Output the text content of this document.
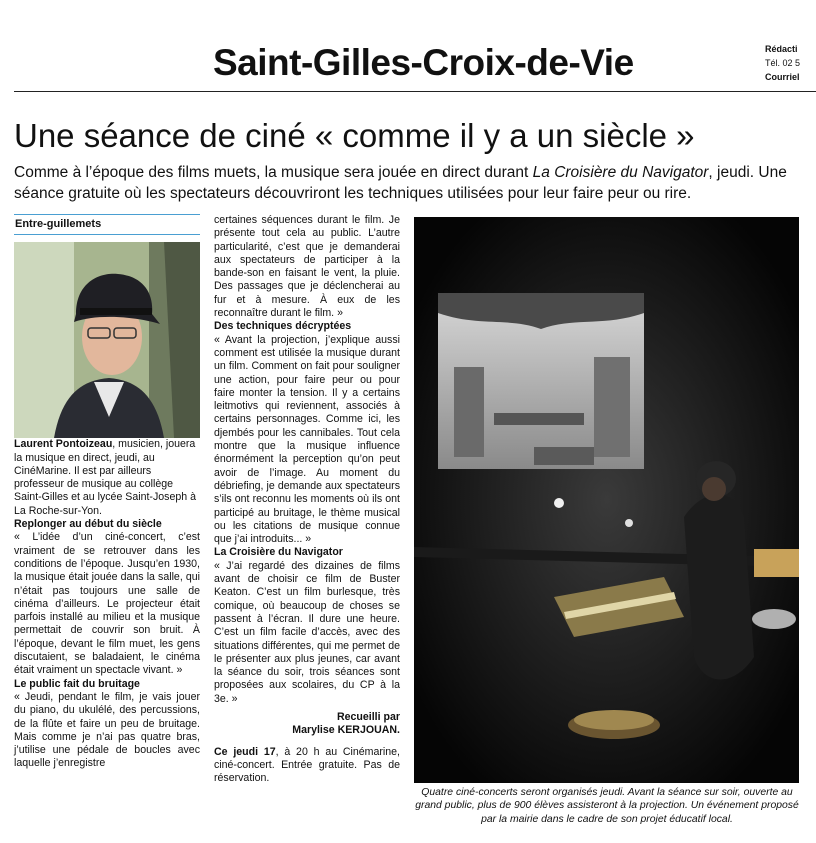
Saint-Gilles-Croix-de-Vie	Rédacti
Tél. 02 5
Courriel
Une séance de ciné « comme il y a un siècle »
Comme à l’époque des films muets, la musique sera jouée en direct durant La Croisière du Navigator, jeudi. Une séance gratuite où les spectateurs découvriront les techniques utilisées pour leur faire peur ou rire.
Entre-guillemets

Laurent Pontoizeau, musicien, jouera la musique en direct, jeudi, au CinéMarine. Il est par ailleurs professeur de musique au collège Saint-Gilles et au lycée Saint-Joseph à La Roche-sur-Yon.

Replonger au début du siècle

« L’idée d’un ciné-concert, c’est vraiment de se retrouver dans les conditions de l’époque. Jusqu’en 1930, la musique était jouée dans la salle, qui n’était pas toujours une salle de cinéma d’ailleurs. Le projecteur était parfois installé au milieu et la musique permettait de couvrir son bruit. À l’époque, devant le film muet, les gens discutaient, se baladaient, le cinéma était vraiment un spectacle vivant. »

Le public fait du bruitage

« Jeudi, pendant le film, je vais jouer du piano, du ukulélé, des percussions, de la flûte et faire un peu de bruitage. Mais comme je n’ai pas quatre bras, j’utilise une pédale de boucles avec laquelle j’enregistre

certaines séquences durant le film. Je présente tout cela au public. L’autre particularité, c’est que je demanderai aux spectateurs de participer à la bande-son en faisant le vent, la pluie. Des passages que je déclencherai au fur et à mesure. À eux de les reconnaître durant le film. »

Des techniques décryptées

« Avant la projection, j’explique aussi comment est utilisée la musique durant un film. Comment on fait pour souligner une action, pour faire peur ou pour faire monter la tension. Il y a certains leitmotivs qui reviennent, associés à certains personnages. Comme ici, les djembés pour les cannibales. Tout cela montre que la musique influence énormément la perception qu’on peut avoir de l’image. Au moment du débriefing, je demande aux spectateurs s’ils ont reconnu les moments où ils ont participé au bruitage, le thème musical ou les citations de musique connue que j’ai introduits... »

La Croisière du Navigator

« J’ai regardé des dizaines de films avant de choisir ce film de Buster Keaton. C’est un film burlesque, très comique, où beaucoup de choses se passent à l’écran. Il dure une heure. C’est un film facile d’accès, avec des situations différentes, qui me permet de le présenter aux plus jeunes, car avant la séance du soir, trois séances sont proposées aux scolaires, du CP à la 3e. »

Recueilli par
Marylise KERJOUAN.

Ce jeudi 17, à 20 h au Cinémarine, ciné-concert. Entrée gratuite. Pas de réservation.

Quatre ciné-concerts seront organisés jeudi. Avant la séance sur soir, ouverte au grand public, plus de 900 élèves assisteront à la projection. Un événement proposé par la mairie dans le cadre de son projet éducatif local.
